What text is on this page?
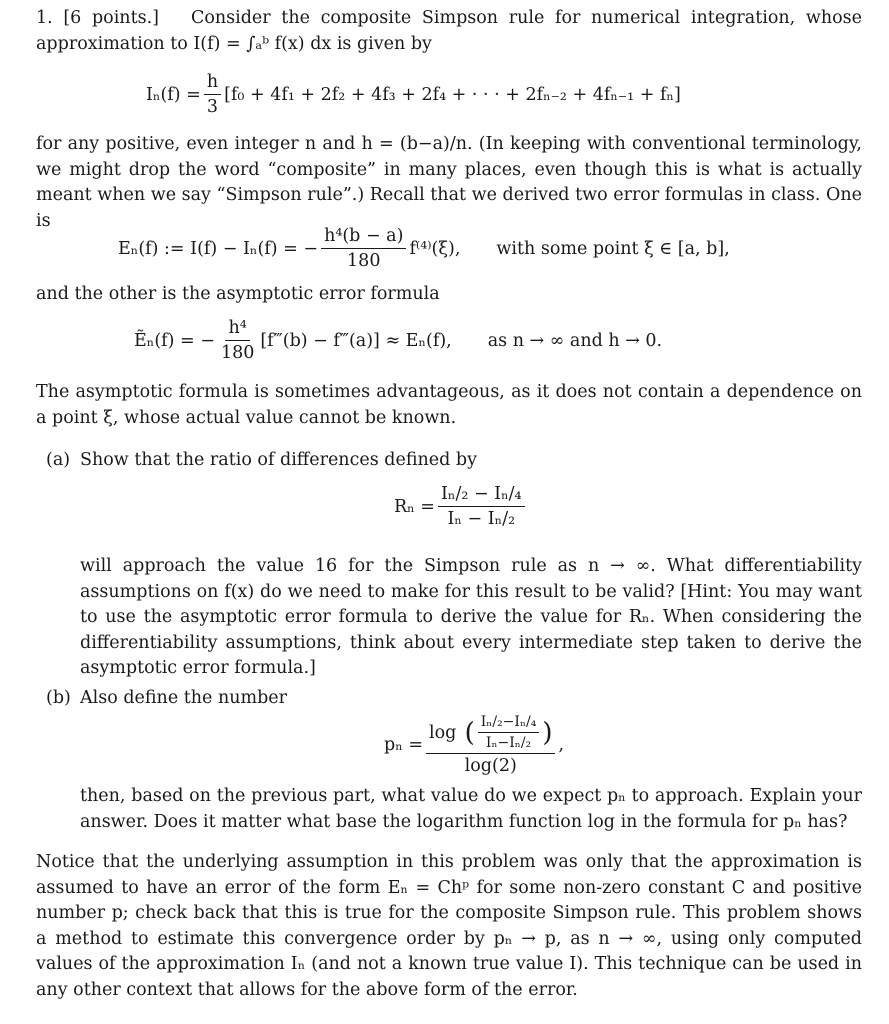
1. [6 points.] Consider the composite Simpson rule for numerical integration, whose approximation to I(f) = ∫ₐᵇ f(x) dx is given by

$I_n(f) = \frac{h}{3} [f_0 + 4f_1 + 2f_2 + 4f_3 + 2f_4$ + · · · + 2fₙ₋₂ + 4fₙ₋₁ + fₙ]

for any positive, even integer n and h = (b−a)/n. (In keeping with conventional terminology, we might drop the word “composite” in many places, even though this is what is actually meant when we say “Simpson rule”.) Recall that we derived two error formulas in class. One is

Eₙ(f) := I(f) − Iₙ(f) = − $\frac{\text{h⁴(b − a)}}{180} f^{(4)}(\xi)$, with some point ξ ∈ [a, b],

and the other is the asymptotic error formula

Ẽₙ(f) = − $\frac{\text{h⁴}}{180}$ [f‴(b) − f‴(a)] ≈ Eₙ(f), as n → ∞ and h → 0.

The asymptotic formula is sometimes advantageous, as it does not contain a dependence on a point ξ, whose actual value cannot be known.

(a) Show that the ratio of differences defined by

$R_n = \frac{\text{Iₙ/₂ − Iₙ/₄}}{\text{Iₙ − Iₙ/₂}}$

will approach the value 16 for the Simpson rule as n → ∞. What differentiability assumptions on f(x) do we need to make for this result to be valid? [Hint: You may want to use the asymptotic error formula to derive the value for Rₙ. When considering the differentiability assumptions, think about every intermediate step taken to derive the asymptotic error formula.]

(b) Also define the number

pₙ =
log ( $\frac{\text{Iₙ/₂−Iₙ/₄}}{\text{Iₙ−Iₙ/₂}}$ )
log(2)
,

then, based on the previous part, what value do we expect pₙ to approach. Explain your answer. Does it matter what base the logarithm function log in the formula for pₙ has?

Notice that the underlying assumption in this problem was only that the approximation is assumed to have an error of the form Eₙ = Chᵖ for some non-zero constant C and positive number p; check back that this is true for the composite Simpson rule. This problem shows a method to estimate this convergence order by pₙ → p, as n → ∞, using only computed values of the approximation Iₙ (and not a known true value I). This technique can be used in any other context that allows for the above form of the error.
